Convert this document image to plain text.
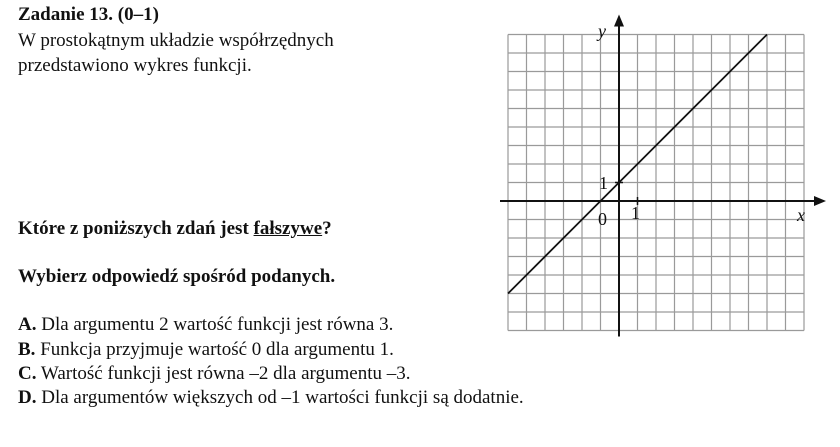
Zadanie 13. (0–1)
W prostokątnym układzie współrzędnych
przedstawiono wykres funkcji.
Które z poniższych zdań jest fałszywe?
Wybierz odpowiedź spośród podanych.
A. Dla argumentu 2 wartość funkcji jest równa 3.
B. Funkcja przyjmuje wartość 0 dla argumentu 1.
C. Wartość funkcji jest równa –2 dla argumentu –3.
D. Dla argumentów większych od –1 wartości funkcji są dodatnie.
y
x
0 1
1
